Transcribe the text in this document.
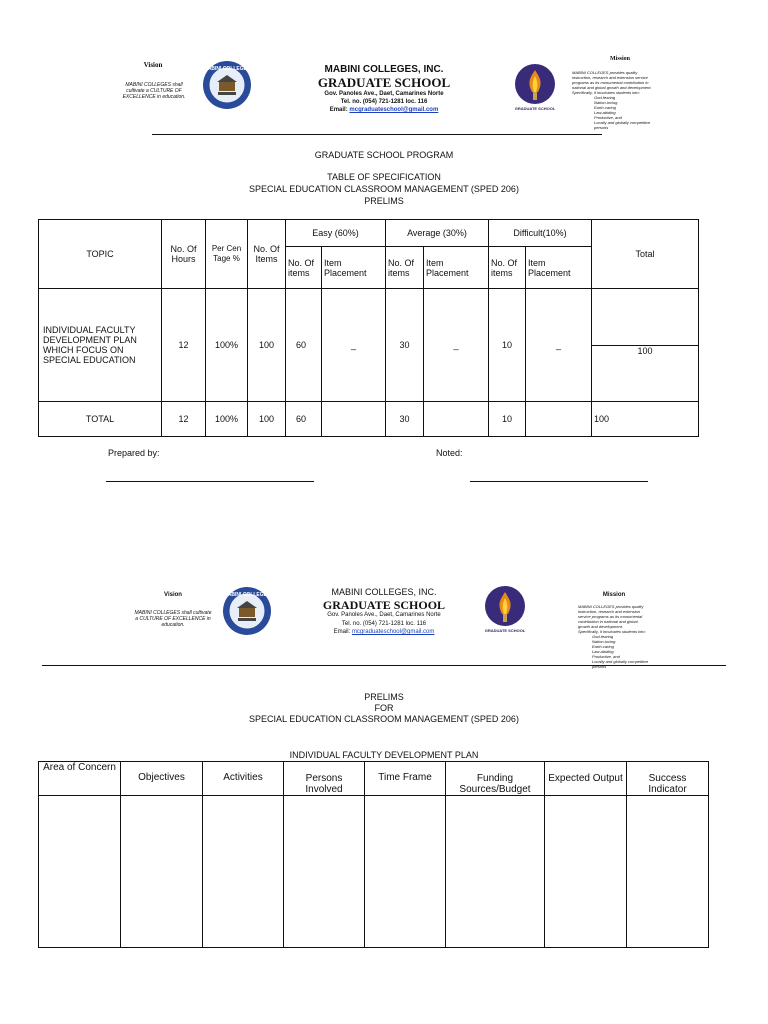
Vision
MABINI COLLEGES shall cultivate a CULTURE OF EXCELLENCE in education.
MABINI COLLEGES	MABINI COLLEGES, INC.
GRADUATE SCHOOL
Gov. Panoles Ave., Daet, Camarines Norte
Tel. no. (054) 721-1281 loc. 116
Email: mcgraduateschool@gmail.com	GRADUATE SCHOOL
Mission
MABINI COLLEGES provides quality instruction, research and extension service programs as its monumental contribution in national and global growth and development.
Specifically, it inculcates students into:
God-fearing
Nation-loving
Earth-caring
Law-abiding
Productive, and
Locally and globally competitive persons
GRADUATE SCHOOL PROGRAM
TABLE OF SPECIFICATION
SPECIAL EDUCATION CLASSROOM MANAGEMENT (SPED 206)
PRELIMS
TOPIC	No. Of Hours	Per Cen Tage %	No. Of Items	Easy (60%)		Average (30%)		Difficult(10%)		Total
				No. Of items	Item Placement	No. Of items	Item Placement	No. Of items	Item Placement	
INDIVIDUAL FACULTY DEVELOPMENT PLAN WHICH FOCUS ON SPECIAL EDUCATION	12	100%	100	60	_	30	_	10	_	
										100
TOTAL	12	100%	100	60		30		10		100
Prepared by:	Noted:
Vision
MABINI COLLEGES shall cultivate a CULTURE OF EXCELLENCE in education.
MABINI COLLEGES	MABINI COLLEGES, INC.
GRADUATE SCHOOL
Gov. Panoles Ave., Daet, Camarines Norte
Tel. no. (054) 721-1281 loc. 116
Email: mcgraduateschool@gmail.com	GRADUATE SCHOOL
Mission
MABINI COLLEGES provides quality instruction, research and extension service programs as its monumental contribution in national and global growth and development.
Specifically, it inculcates students into:
God-fearing
Nation-loving
Earth-caring
Law-abiding
Productive, and
Locally and globally competitive persons
PRELIMS
FOR
SPECIAL EDUCATION CLASSROOM MANAGEMENT (SPED 206)
INDIVIDUAL FACULTY DEVELOPMENT PLAN
Area of Concern	Objectives	Activities	Persons Involved	Time Frame	Funding Sources/Budget	Expected Output	Success Indicator
